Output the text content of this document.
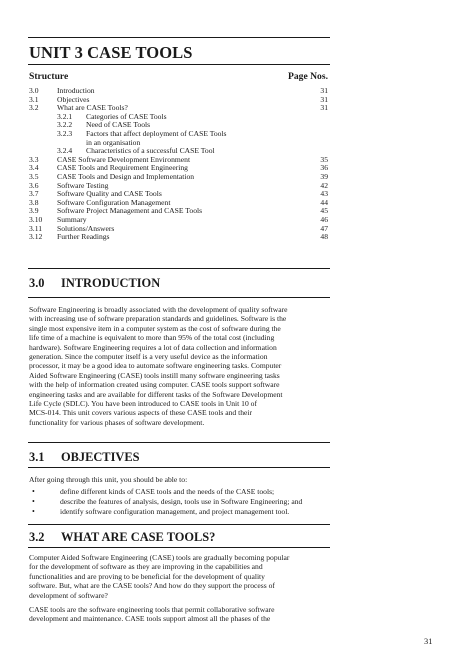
UNIT 3 CASE TOOLS
Structure	Page Nos.
3.0 Introduction	31
3.1 Objectives	31
3.2 What are CASE Tools?	31
3.2.1 Categories of CASE Tools
3.2.2 Need of CASE Tools
3.2.3 Factors that affect deployment of CASE Tools
in an organisation
3.2.4 Characteristics of a successful CASE Tool
3.3 CASE Software Development Environment	35
3.4 CASE Tools and Requirement Engineering	36
3.5 CASE Tools and Design and Implementation	39
3.6 Software Testing	42
3.7 Software Quality and CASE Tools	43
3.8 Software Configuration Management	44
3.9 Software Project Management and CASE Tools	45
3.10 Summary	46
3.11 Solutions/Answers	47
3.12 Further Readings	48
3.0 INTRODUCTION
Software Engineering is broadly associated with the development of quality software
with increasing use of software preparation standards and guidelines. Software is the
single most expensive item in a computer system as the cost of software during the
life time of a machine is equivalent to more than 95% of the total cost (including
hardware). Software Engineering requires a lot of data collection and information
generation. Since the computer itself is a very useful device as the information
processor, it may be a good idea to automate software engineering tasks. Computer
Aided Software Engineering (CASE) tools instill many software engineering tasks
with the help of information created using computer. CASE tools support software
engineering tasks and are available for different tasks of the Software Development
Life Cycle (SDLC). You have been introduced to CASE tools in Unit 10 of
MCS-014. This unit covers various aspects of these CASE tools and their
functionality for various phases of software development.
3.1 OBJECTIVES
After going through this unit, you should be able to:
•	define different kinds of CASE tools and the needs of the CASE tools;
•	describe the features of analysis, design, tools use in Software Engineering; and
•	identify software configuration management, and project management tool.
3.2 WHAT ARE CASE TOOLS?
Computer Aided Software Engineering (CASE) tools are gradually becoming popular
for the development of software as they are improving in the capabilities and
functionalities and are proving to be beneficial for the development of quality
software. But, what are the CASE tools? And how do they support the process of
development of software?
CASE tools are the software engineering tools that permit collaborative software
development and maintenance. CASE tools support almost all the phases of the
31
